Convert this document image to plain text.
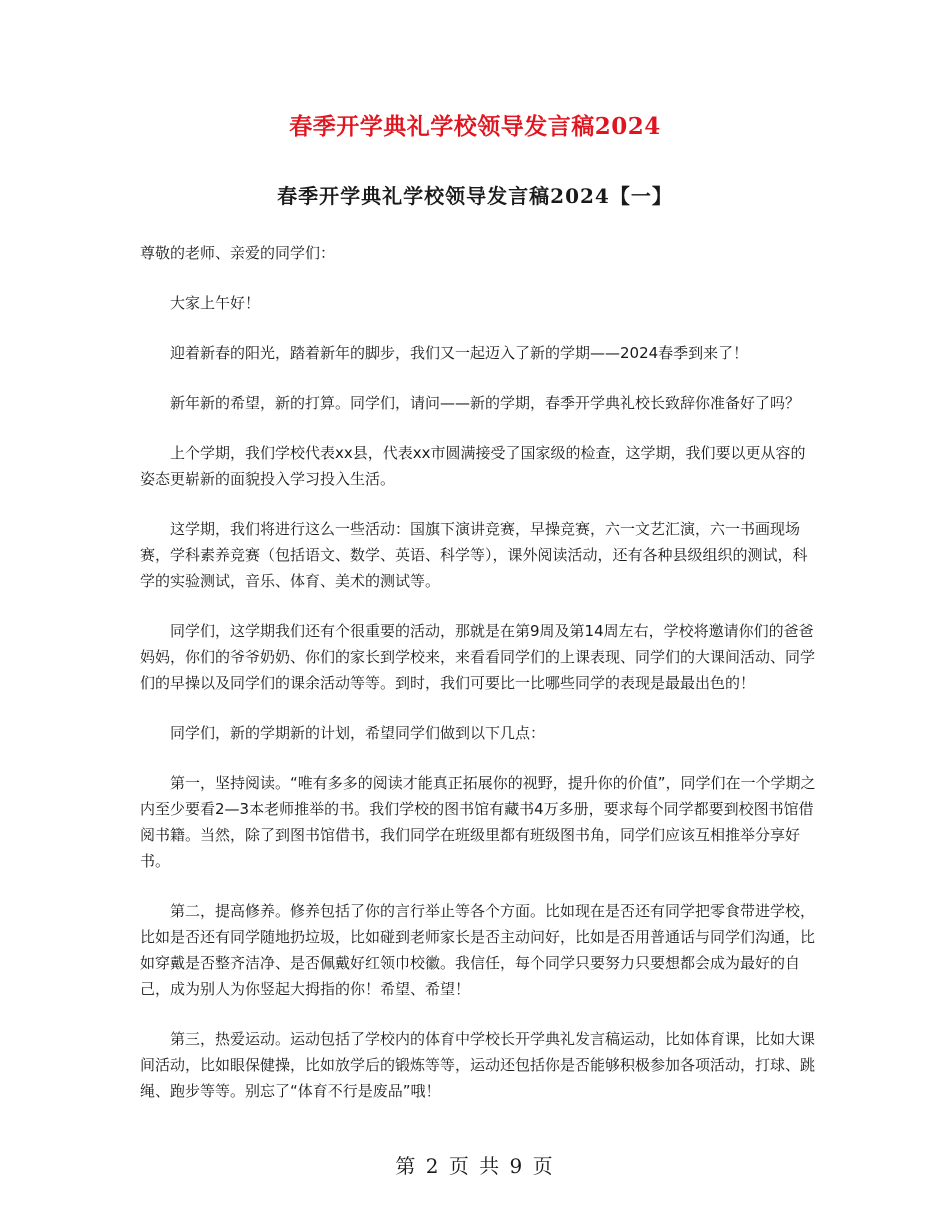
春季开学典礼学校领导发言稿2024
春季开学典礼学校领导发言稿2024【一】

尊敬的老师、亲爱的同学们：

大家上午好！

迎着新春的阳光，踏着新年的脚步，我们又一起迈入了新的学期——2024春季到来了！

新年新的希望，新的打算。同学们，请问——新的学期，春季开学典礼校长致辞你准备好了吗？

上个学期，我们学校代表xx县，代表xx市圆满接受了国家级的检查，这学期，我们要以更从容的姿态更崭新的面貌投入学习投入生活。

这学期，我们将进行这么一些活动：国旗下演讲竞赛，早操竞赛，六一文艺汇演，六一书画现场赛，学科素养竞赛（包括语文、数学、英语、科学等），课外阅读活动，还有各种县级组织的测试，科学的实验测试，音乐、体育、美术的测试等。

同学们，这学期我们还有个很重要的活动，那就是在第9周及第14周左右，学校将邀请你们的爸爸妈妈，你们的爷爷奶奶、你们的家长到学校来，来看看同学们的上课表现、同学们的大课间活动、同学们的早操以及同学们的课余活动等等。到时，我们可要比一比哪些同学的表现是最最出色的！

同学们，新的学期新的计划，希望同学们做到以下几点：

第一，坚持阅读。“唯有多多的阅读才能真正拓展你的视野，提升你的价值”，同学们在一个学期之内至少要看2—3本老师推举的书。我们学校的图书馆有藏书4万多册，要求每个同学都要到校图书馆借阅书籍。当然，除了到图书馆借书，我们同学在班级里都有班级图书角，同学们应该互相推举分享好书。

第二，提高修养。修养包括了你的言行举止等各个方面。比如现在是否还有同学把零食带进学校，比如是否还有同学随地扔垃圾，比如碰到老师家长是否主动问好，比如是否用普通话与同学们沟通，比如穿戴是否整齐洁净、是否佩戴好红领巾校徽。我信任，每个同学只要努力只要想都会成为最好的自己，成为别人为你竖起大拇指的你！希望、希望！

第三，热爱运动。运动包括了学校内的体育中学校长开学典礼发言稿运动，比如体育课，比如大课间活动，比如眼保健操，比如放学后的锻炼等等，运动还包括你是否能够积极参加各项活动，打球、跳绳、跑步等等。别忘了“体育不行是废品”哦！

第 2 页 共 9 页
